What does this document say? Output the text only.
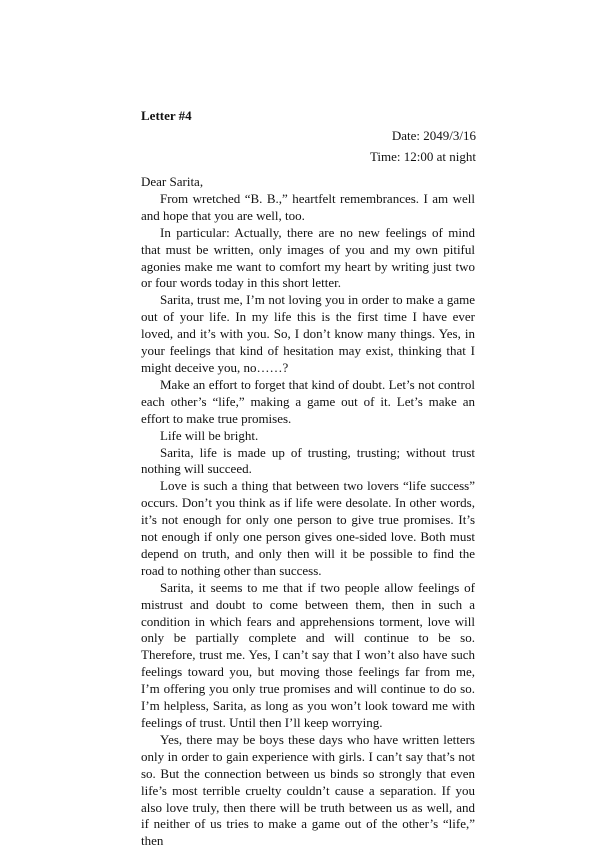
Letter #4
Date: 2049/3/16
Time: 12:00 at night

Dear Sarita,

From wretched “B. B.,” heartfelt remembrances. I am well and hope that you are well, too.

In particular: Actually, there are no new feelings of mind that must be written, only images of you and my own pitiful agonies make me want to comfort my heart by writing just two or four words today in this short letter.

Sarita, trust me, I’m not loving you in order to make a game out of your life. In my life this is the first time I have ever loved, and it’s with you. So, I don’t know many things. Yes, in your feelings that kind of hesitation may exist, thinking that I might deceive you, no……?

Make an effort to forget that kind of doubt. Let’s not control each other’s “life,” making a game out of it. Let’s make an effort to make true promises.

Life will be bright.

Sarita, life is made up of trusting, trusting; without trust nothing will succeed.

Love is such a thing that between two lovers “life success” occurs. Don’t you think as if life were desolate. In other words, it’s not enough for only one person to give true promises. It’s not enough if only one person gives one-sided love. Both must depend on truth, and only then will it be possible to find the road to nothing other than success.

Sarita, it seems to me that if two people allow feelings of mistrust and doubt to come between them, then in such a condition in which fears and apprehensions torment, love will only be partially complete and will continue to be so. Therefore, trust me. Yes, I can’t say that I won’t also have such feelings toward you, but moving those feelings far from me, I’m offering you only true promises and will continue to do so. I’m helpless, Sarita, as long as you won’t look toward me with feelings of trust. Until then I’ll keep worrying.

Yes, there may be boys these days who have written letters only in order to gain experience with girls. I can’t say that’s not so. But the connection between us binds so strongly that even life’s most terrible cruelty couldn’t cause a separation. If you also love truly, then there will be truth between us as well, and if neither of us tries to make a game out of the other’s “life,” then
